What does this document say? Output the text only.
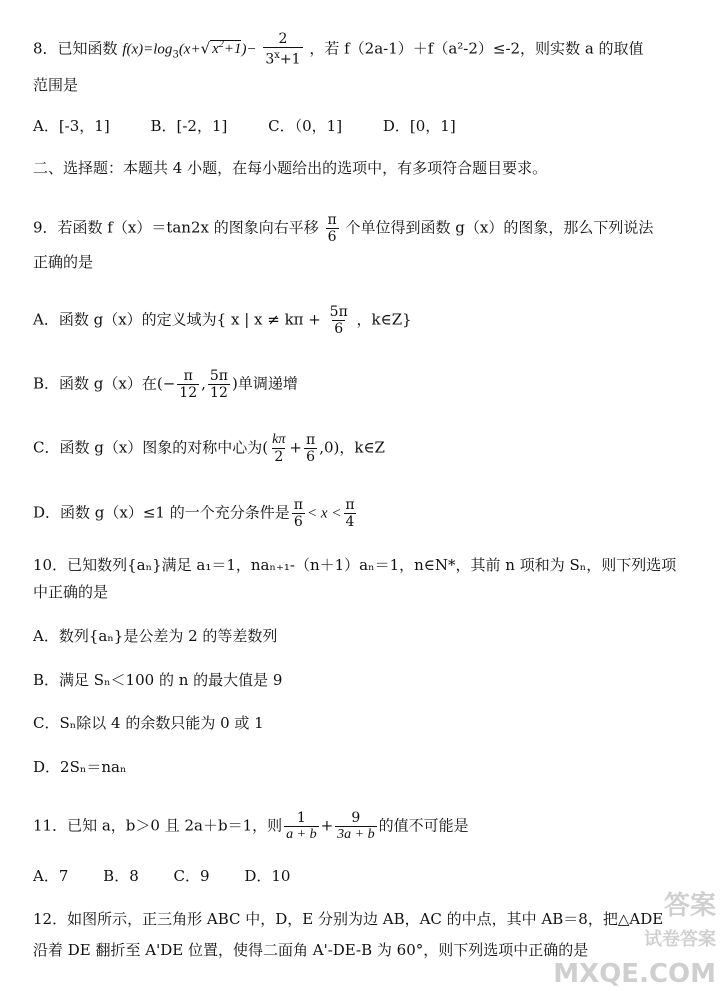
8．已知函数 $f(x)=\log_3(x+√$ $x^2+1)- \frac{2}{3^x+1}$ ，若 f（2a-1）＋f（a²-2）≤-2，则实数 a 的取值
范围是
A．[-3，1]	B．[-2，1]	C．（0，1]	D．[0，1]
二、选择题：本题共 4 小题，在每小题给出的选项中，有多项符合题目要求。
9．若函数 f（x）＝tan2x 的图象向右平移 $\frac{\pi}{6}$ 个单位得到函数 g（x）的图象，那么下列说法
正确的是
A．函数 g（x）的定义域为{ x | $x \ne k\pi + \frac{5\pi}{6}$ ，k∈Z}
B．函数 g（x）在(− $\frac{\pi}{12}$ , $\frac{5\pi}{12}$ )单调递增
C．函数 g（x）图象的对称中心为( $\frac{k\pi}{2} + \frac{\pi}{6} ,0$)，k∈Z
D．函数 g（x）≤1 的一个充分条件是 $\frac{\pi}{6} < x < \frac{\pi}{4}$
10．已知数列{aₙ}满足 a₁＝1，naₙ₊₁-（n＋1）aₙ＝1，n∈N*，其前 n 项和为 Sₙ，则下列选项
中正确的是
A．数列{aₙ}是公差为 2 的等差数列
B．满足 Sₙ＜100 的 n 的最大值是 9
C．Sₙ除以 4 的余数只能为 0 或 1
D．2Sₙ＝naₙ
11．已知 a，b＞0 且 2a＋b＝1，则 $\frac{1}{a + b} + \frac{9}{3a + b}$ 的值不可能是
A．7 B．8 C．9 D．10
12．如图所示，正三角形 ABC 中，D，E 分别为边 AB，AC 的中点，其中 AB＝8，把△ADE
沿着 DE 翻折至 A'DE 位置，使得二面角 A'-DE-B 为 60°，则下列选项中正确的是
答案
试卷答案
MXQE.COM
